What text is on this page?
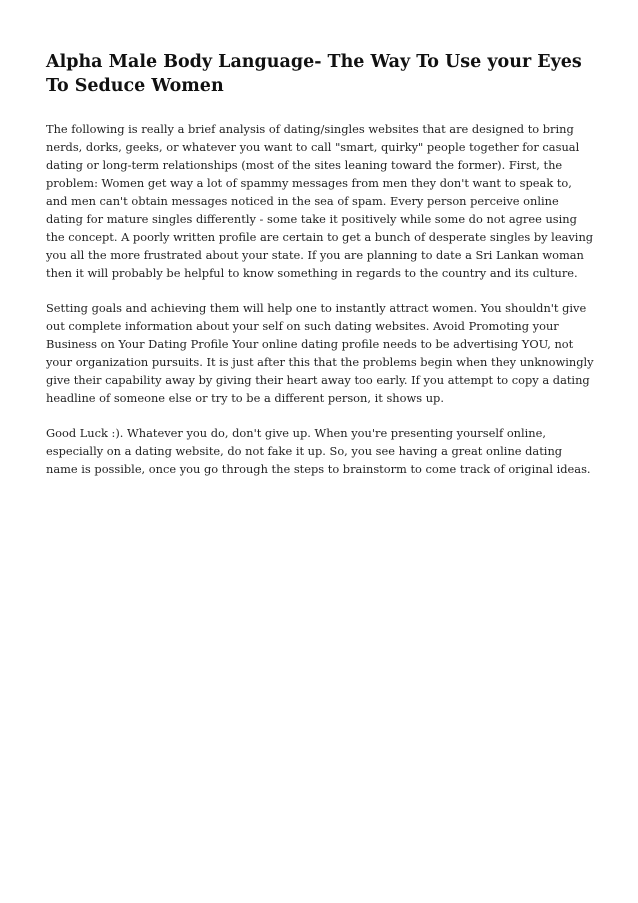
Alpha Male Body Language- The Way To Use your Eyes To Seduce Women

The following is really a brief analysis of dating/singles websites that are designed to bring nerds, dorks, geeks, or whatever you want to call "smart, quirky" people together for casual dating or long-term relationships (most of the sites leaning toward the former). First, the problem: Women get way a lot of spammy messages from men they don't want to speak to, and men can't obtain messages noticed in the sea of spam. Every person perceive online dating for mature singles differently - some take it positively while some do not agree using the concept. A poorly written profile are certain to get a bunch of desperate singles by leaving you all the more frustrated about your state. If you are planning to date a Sri Lankan woman then it will probably be helpful to know something in regards to the country and its culture.

Setting goals and achieving them will help one to instantly attract women. You shouldn't give out complete information about your self on such dating websites. Avoid Promoting your Business on Your Dating Profile Your online dating profile needs to be advertising YOU, not your organization pursuits. It is just after this that the problems begin when they unknowingly give their capability away by giving their heart away too early. If you attempt to copy a dating headline of someone else or try to be a different person, it shows up.

Good Luck :). Whatever you do, don't give up. When you're presenting yourself online, especially on a dating website, do not fake it up. So, you see having a great online dating name is possible, once you go through the steps to brainstorm to come track of original ideas.
